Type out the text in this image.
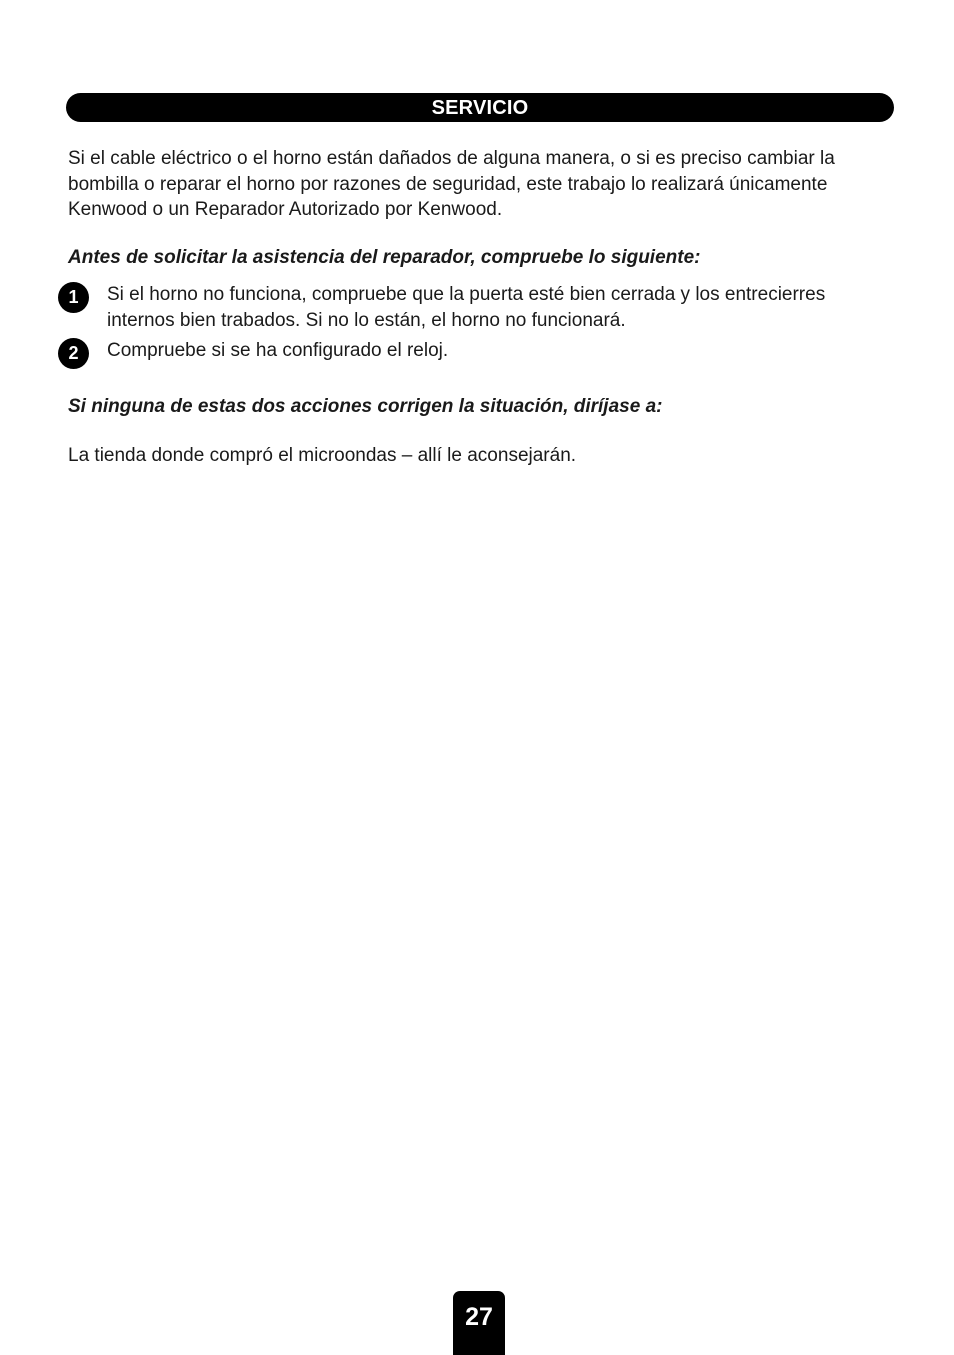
SERVICIO

Si el cable eléctrico o el horno están dañados de alguna manera, o si es preciso cambiar la bombilla o reparar el horno por razones de seguridad, este trabajo lo realizará únicamente Kenwood o un Reparador Autorizado por Kenwood.

Antes de solicitar la asistencia del reparador, compruebe lo siguiente:

1	Si el horno no funciona, compruebe que la puerta esté bien cerrada y los entrecierres internos bien trabados. Si no lo están, el horno no funcionará.

2	Compruebe si se ha configurado el reloj.

Si ninguna de estas dos acciones corrigen la situación, diríjase a:

La tienda donde compró el microondas – allí le aconsejarán.

27
